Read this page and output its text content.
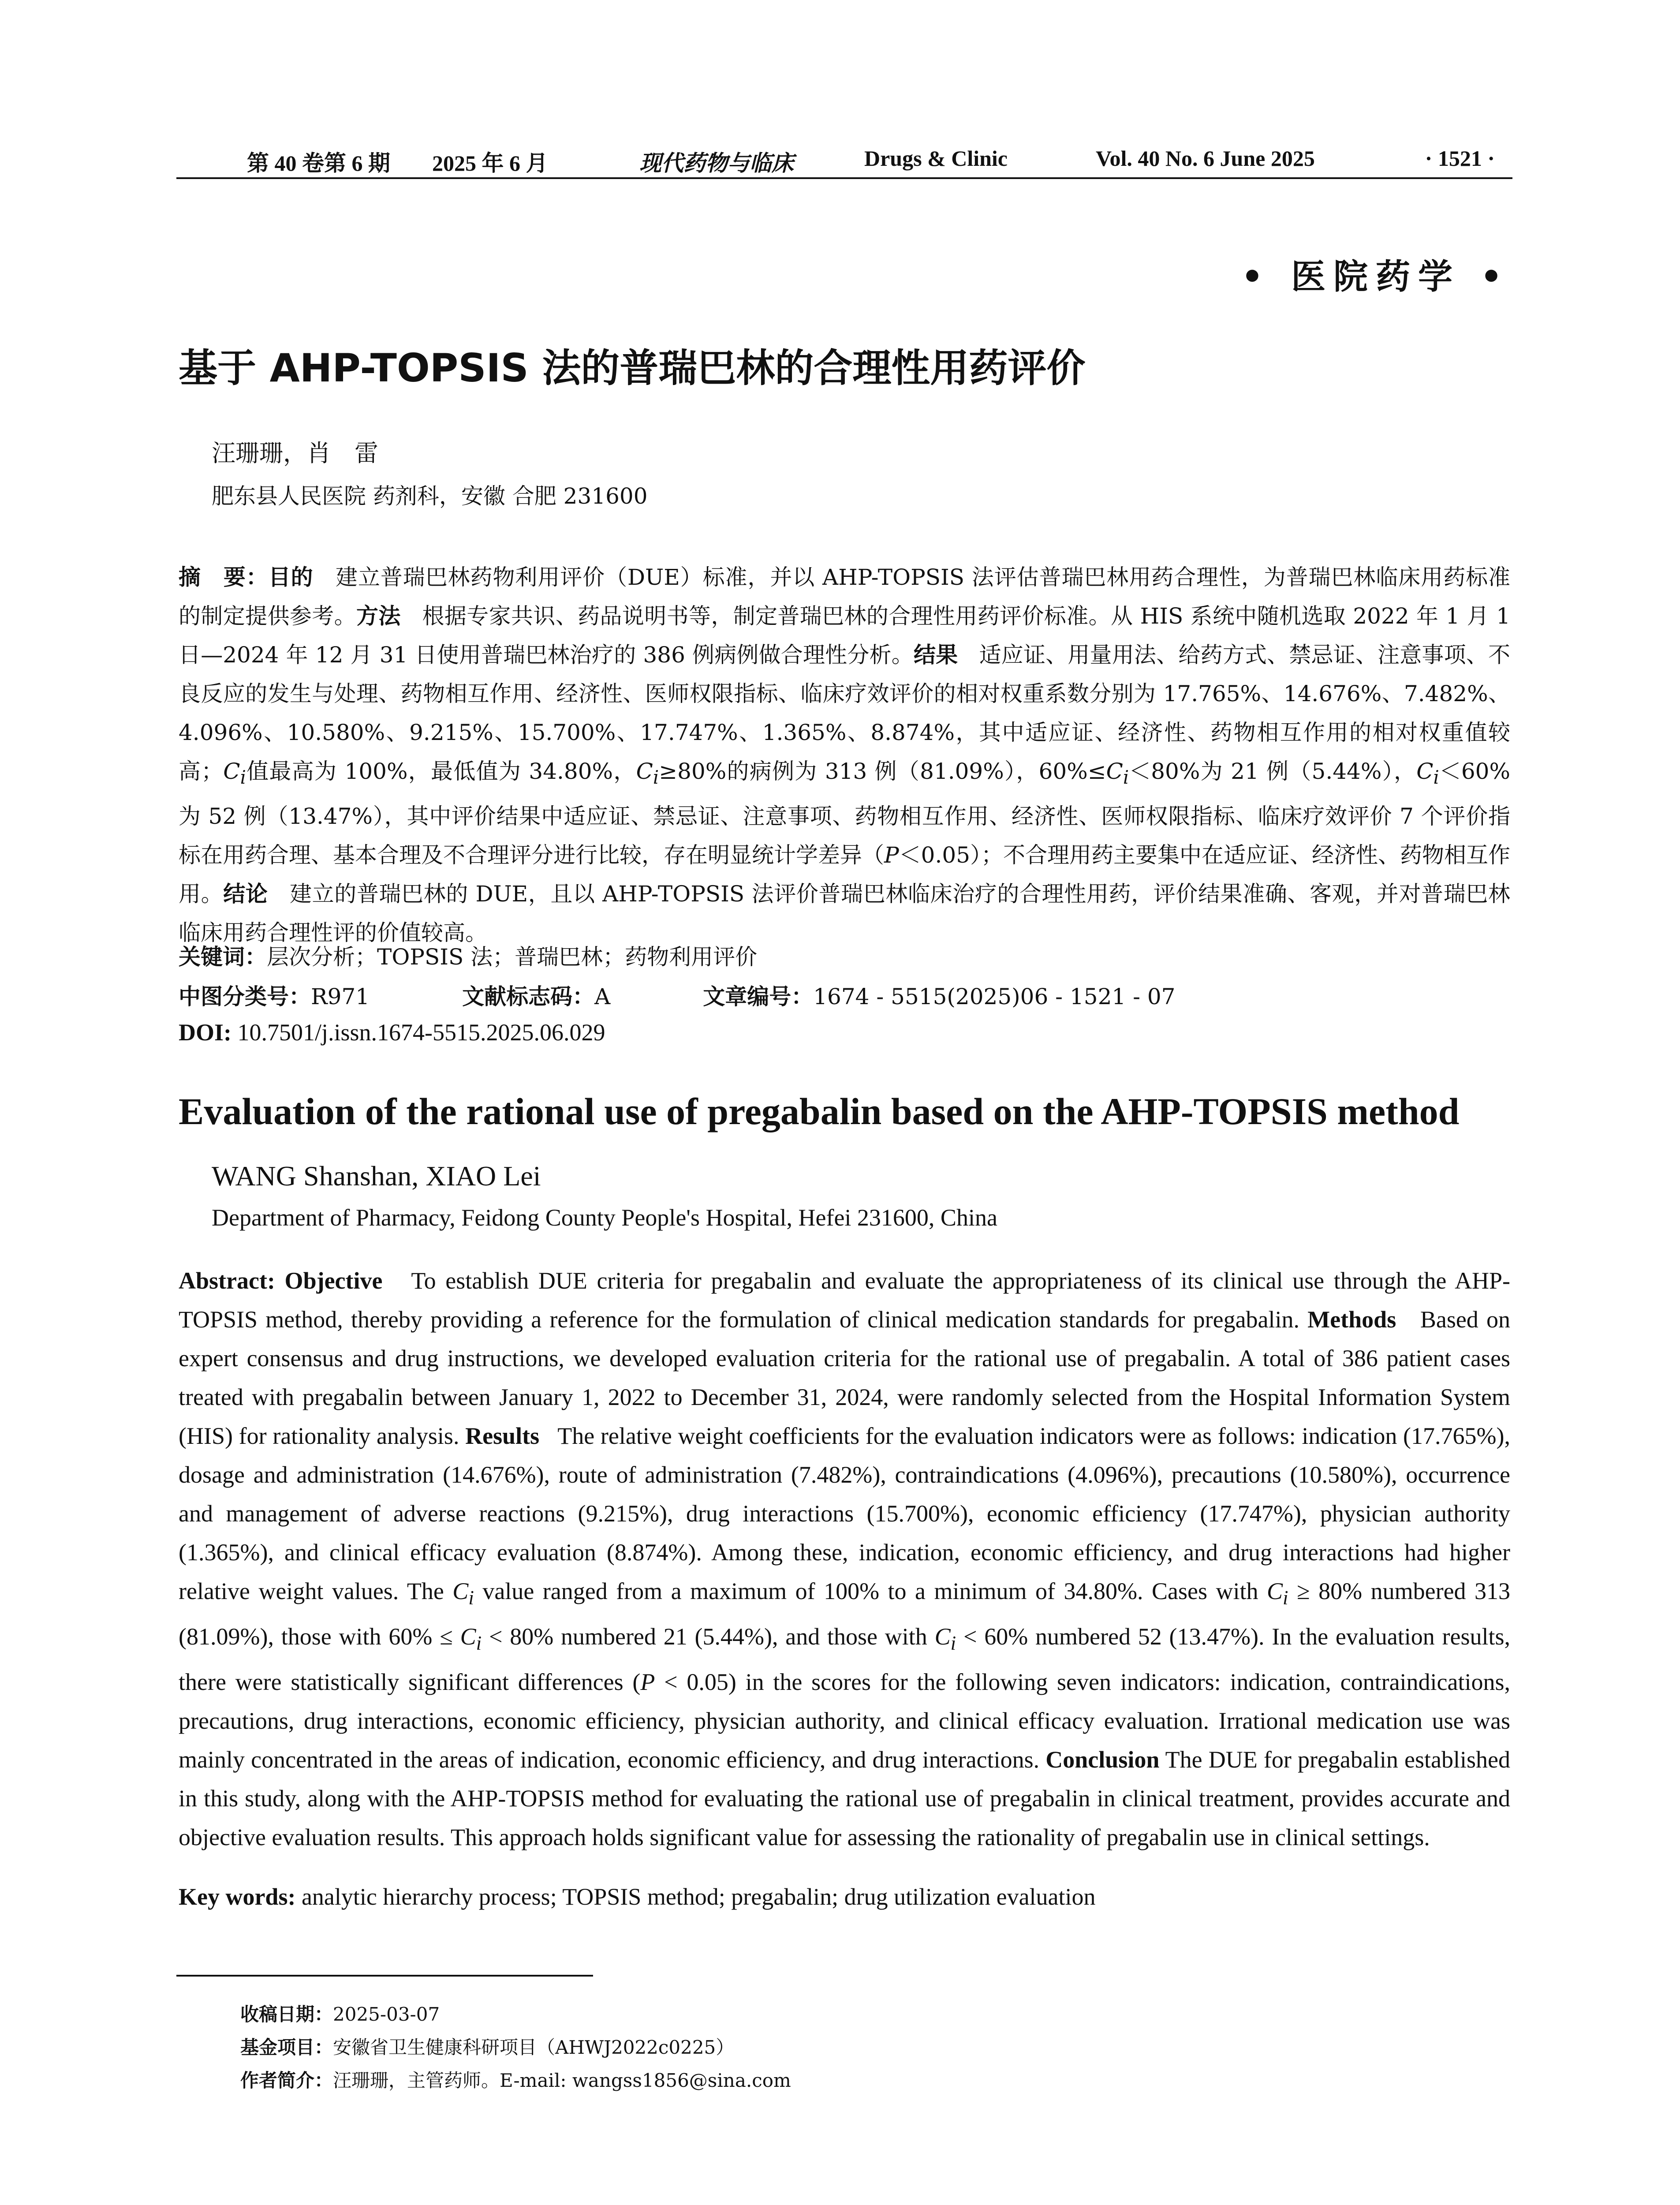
第 40 卷第 6 期 2025 年 6 月	现代药物与临床	Drugs & Clinic	Vol. 40 No. 6 June 2025	· 1521 ·
• 医院药学 •
基于 AHP-TOPSIS 法的普瑞巴林的合理性用药评价
汪珊珊，肖　雷
肥东县人民医院 药剂科，安徽 合肥 231600
摘　要：目的 建立普瑞巴林药物利用评价（DUE）标准，并以 AHP-TOPSIS 法评估普瑞巴林用药合理性，为普瑞巴林临床用药标准的制定提供参考。方法 根据专家共识、药品说明书等，制定普瑞巴林的合理性用药评价标准。从 HIS 系统中随机选取 2022 年 1 月 1 日—2024 年 12 月 31 日使用普瑞巴林治疗的 386 例病例做合理性分析。结果 适应证、用量用法、给药方式、禁忌证、注意事项、不良反应的发生与处理、药物相互作用、经济性、医师权限指标、临床疗效评价的相对权重系数分别为 17.765%、14.676%、7.482%、4.096%、10.580%、9.215%、15.700%、17.747%、1.365%、8.874%，其中适应证、经济性、药物相互作用的相对权重值较高；$C_i$值最高为 100%，最低值为 34.80%，$C_i\ge 80\%$的病例为 313 例（81.09%），$60\%\le C_i<80\%$为 21 例（5.44%），$C_i<60\%$为 52 例（13.47%），其中评价结果中适应证、禁忌证、注意事项、药物相互作用、经济性、医师权限指标、临床疗效评价 7 个评价指标在用药合理、基本合理及不合理评分进行比较，存在明显统计学差异（P＜0.05）；不合理用药主要集中在适应证、经济性、药物相互作用。结论 建立的普瑞巴林的 DUE，且以 AHP-TOPSIS 法评价普瑞巴林临床治疗的合理性用药，评价结果准确、客观，并对普瑞巴林临床用药合理性评的价值较高。
关键词：层次分析；TOPSIS 法；普瑞巴林；药物利用评价
中图分类号：R971	文献标志码：A	文章编号：1674 - 5515(2025)06 - 1521 - 07
DOI: 10.7501/j.issn.1674-5515.2025.06.029
Evaluation of the rational use of pregabalin based on the AHP-TOPSIS method
WANG Shanshan, XIAO Lei
Department of Pharmacy, Feidong County People's Hospital, Hefei 231600, China
Abstract: Objective To establish DUE criteria for pregabalin and evaluate the appropriateness of its clinical use through the AHP-TOPSIS method, thereby providing a reference for the formulation of clinical medication standards for pregabalin. Methods Based on expert consensus and drug instructions, we developed evaluation criteria for the rational use of pregabalin. A total of 386 patient cases treated with pregabalin between January 1, 2022 to December 31, 2024, were randomly selected from the Hospital Information System (HIS) for rationality analysis. Results The relative weight coefficients for the evaluation indicators were as follows: indication (17.765%), dosage and administration (14.676%), route of administration (7.482%), contraindications (4.096%), precautions (10.580%), occurrence and management of adverse reactions (9.215%), drug interactions (15.700%), economic efficiency (17.747%), physician authority (1.365%), and clinical efficacy evaluation (8.874%). Among these, indication, economic efficiency, and drug interactions had higher relative weight values. The $C_i$ value ranged from a maximum of 100% to a minimum of 34.80%. Cases with $C_i \ge 80\%$ numbered 313 (81.09%), those with $60\% \le C_i < 80\%$ numbered 21 (5.44%), and those with $C_i < 60\%$ numbered 52 (13.47%). In the evaluation results, there were statistically significant differences (P < 0.05) in the scores for the following seven indicators: indication, contraindications, precautions, drug interactions, economic efficiency, physician authority, and clinical efficacy evaluation. Irrational medication use was mainly concentrated in the areas of indication, economic efficiency, and drug interactions. Conclusion The DUE for pregabalin established in this study, along with the AHP-TOPSIS method for evaluating the rational use of pregabalin in clinical treatment, provides accurate and objective evaluation results. This approach holds significant value for assessing the rationality of pregabalin use in clinical settings.
Key words: analytic hierarchy process; TOPSIS method; pregabalin; drug utilization evaluation
收稿日期：2025-03-07
基金项目：安徽省卫生健康科研项目（AHWJ2022c0225）
作者简介：汪珊珊，主管药师。E-mail: wangss1856@sina.com
